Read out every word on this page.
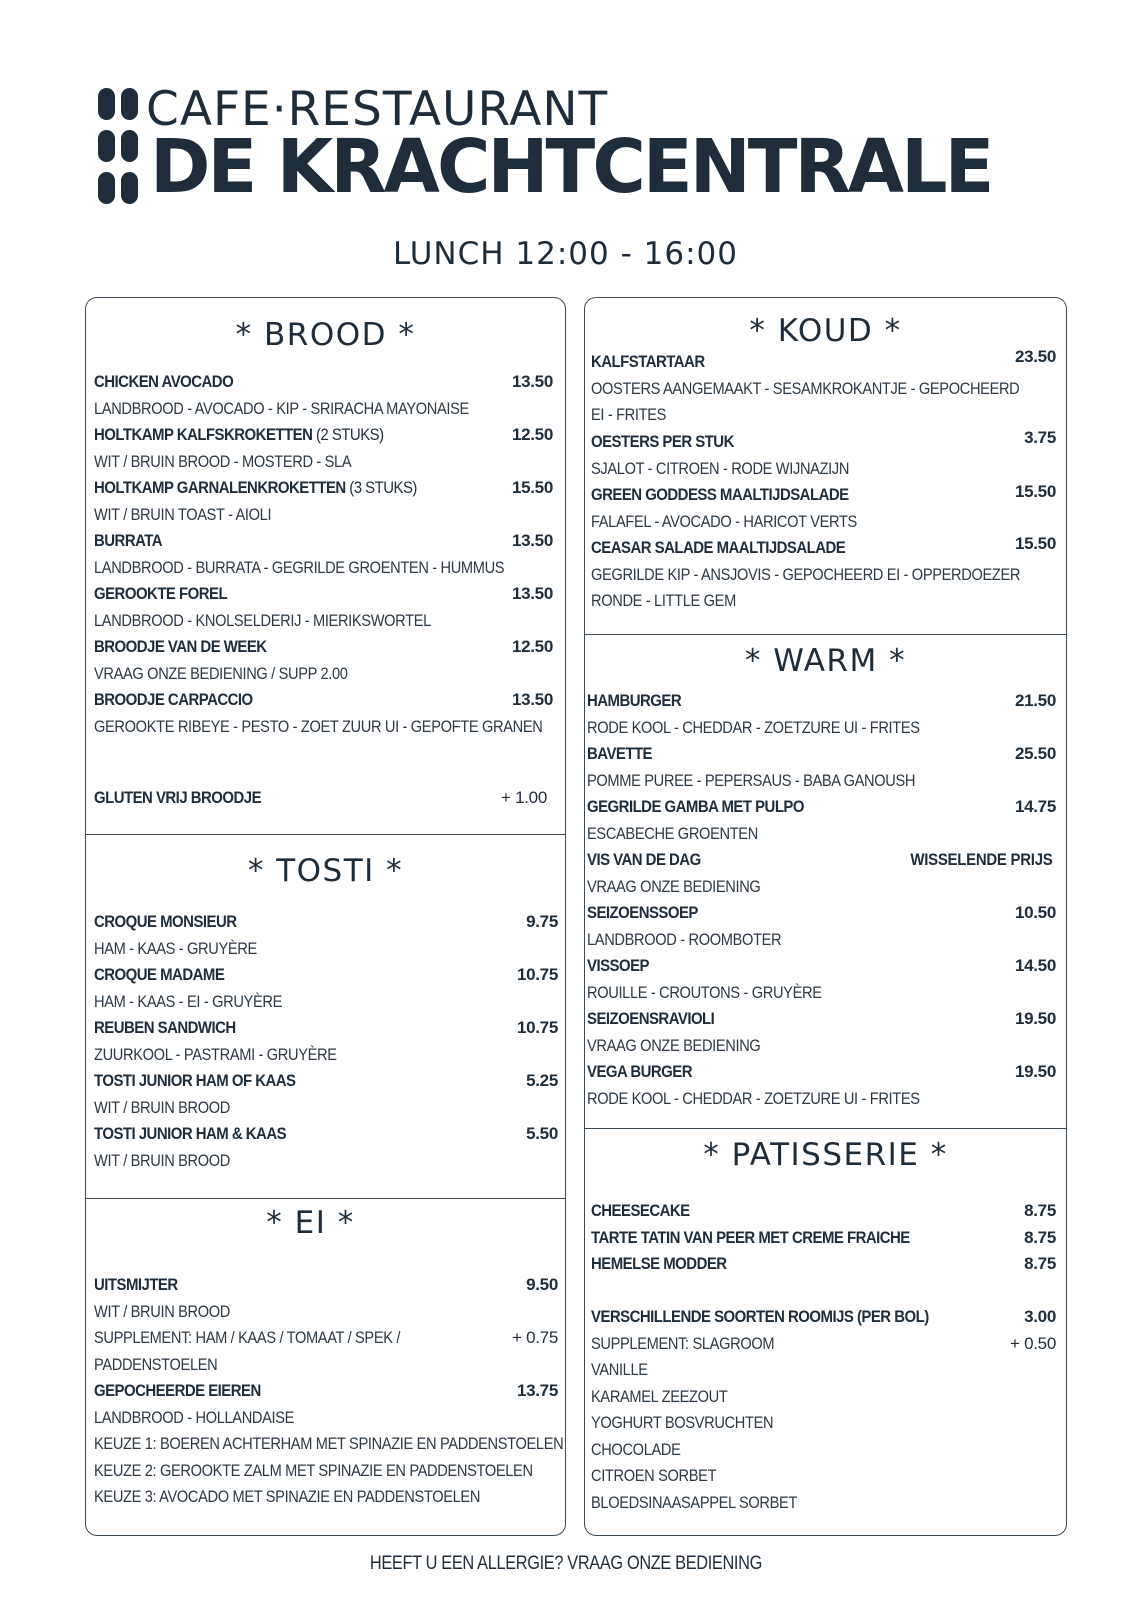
CAFE·RESTAURANT
DE KRACHTCENTRALE
LUNCH 12:00 - 16:00
* BROOD *
CHICKEN AVOCADO	13.50
LANDBROOD - AVOCADO - KIP - SRIRACHA MAYONAISE
HOLTKAMP KALFSKROKETTEN (2 STUKS)	12.50
WIT / BRUIN BROOD - MOSTERD - SLA
HOLTKAMP GARNALENKROKETTEN (3 STUKS)	15.50
WIT / BRUIN TOAST - AIOLI
BURRATA	13.50
LANDBROOD - BURRATA - GEGRILDE GROENTEN - HUMMUS
GEROOKTE FOREL	13.50
LANDBROOD - KNOLSELDERIJ - MIERIKSWORTEL
BROODJE VAN DE WEEK	12.50
VRAAG ONZE BEDIENING / SUPP 2.00
BROODJE CARPACCIO	13.50
GEROOKTE RIBEYE - PESTO - ZOET ZUUR UI - GEPOFTE GRANEN
GLUTEN VRIJ BROODJE	+ 1.00
* TOSTI *
CROQUE MONSIEUR	9.75
HAM - KAAS - GRUYÈRE
CROQUE MADAME	10.75
HAM - KAAS - EI - GRUYÈRE
REUBEN SANDWICH	10.75
ZUURKOOL - PASTRAMI - GRUYÈRE
TOSTI JUNIOR HAM OF KAAS	5.25
WIT / BRUIN BROOD
TOSTI JUNIOR HAM & KAAS	5.50
WIT / BRUIN BROOD
* EI *
UITSMIJTER	9.50
WIT / BRUIN BROOD
SUPPLEMENT: HAM / KAAS / TOMAAT / SPEK /	+ 0.75
PADDENSTOELEN
GEPOCHEERDE EIEREN	13.75
LANDBROOD - HOLLANDAISE
KEUZE 1: BOEREN ACHTERHAM MET SPINAZIE EN PADDENSTOELEN
KEUZE 2: GEROOKTE ZALM MET SPINAZIE EN PADDENSTOELEN
KEUZE 3: AVOCADO MET SPINAZIE EN PADDENSTOELEN
* KOUD *
KALFSTARTAAR	23.50
OOSTERS AANGEMAAKT - SESAMKROKANTJE - GEPOCHEERD
EI - FRITES
OESTERS PER STUK	3.75
SJALOT - CITROEN - RODE WIJNAZIJN
GREEN GODDESS MAALTIJDSALADE	15.50
FALAFEL - AVOCADO - HARICOT VERTS
CEASAR SALADE MAALTIJDSALADE	15.50
GEGRILDE KIP - ANSJOVIS - GEPOCHEERD EI - OPPERDOEZER
RONDE - LITTLE GEM
* WARM *
HAMBURGER	21.50
RODE KOOL - CHEDDAR - ZOETZURE UI - FRITES
BAVETTE	25.50
POMME PUREE - PEPERSAUS - BABA GANOUSH
GEGRILDE GAMBA MET PULPO	14.75
ESCABECHE GROENTEN
VIS VAN DE DAG	WISSELENDE PRIJS
VRAAG ONZE BEDIENING
SEIZOENSSOEP	10.50
LANDBROOD - ROOMBOTER
VISSOEP	14.50
ROUILLE - CROUTONS - GRUYÈRE
SEIZOENSRAVIOLI	19.50
VRAAG ONZE BEDIENING
VEGA BURGER	19.50
RODE KOOL - CHEDDAR - ZOETZURE UI - FRITES
* PATISSERIE *
CHEESECAKE	8.75
TARTE TATIN VAN PEER MET CREME FRAICHE	8.75
HEMELSE MODDER	8.75
VERSCHILLENDE SOORTEN ROOMIJS (PER BOL)	3.00
SUPPLEMENT: SLAGROOM	+ 0.50
VANILLE
KARAMEL ZEEZOUT
YOGHURT BOSVRUCHTEN
CHOCOLADE
CITROEN SORBET
BLOEDSINAASAPPEL SORBET
HEEFT U EEN ALLERGIE? VRAAG ONZE BEDIENING
